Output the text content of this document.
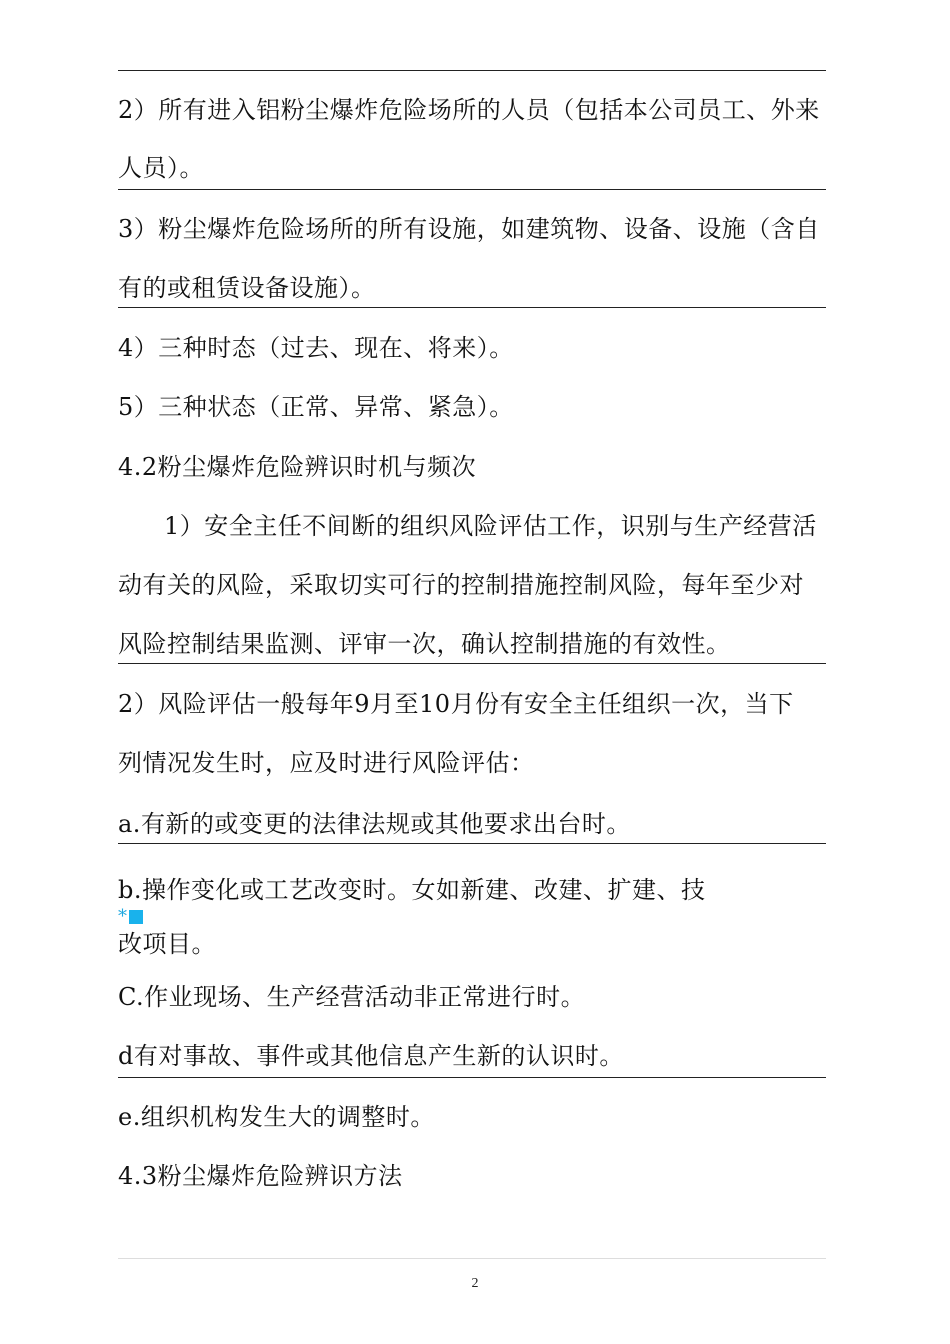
2）所有进入铝粉尘爆炸危险场所的人员（包括本公司员工、外来
人员）。
3）粉尘爆炸危险场所的所有设施，如建筑物、设备、设施（含自
有的或租赁设备设施）。
4）三种时态（过去、现在、将来）。
5）三种状态（正常、异常、紧急）。
4.2粉尘爆炸危险辨识时机与频次
1）安全主任不间断的组织风险评估工作，识别与生产经营活
动有关的风险，采取切实可行的控制措施控制风险，每年至少对
风险控制结果监测、评审一次，确认控制措施的有效性。
2）风险评估一般每年9月至10月份有安全主任组织一次，当下
列情况发生时，应及时进行风险评估：
a.有新的或变更的法律法规或其他要求出台时。
b.操作变化或工艺改变时。女如新建、改建、扩建、技
*
改项目。
C.作业现场、生产经营活动非正常进行时。
d有对事故、事件或其他信息产生新的认识时。
e.组织机构发生大的调整时。
4.3粉尘爆炸危险辨识方法
2
